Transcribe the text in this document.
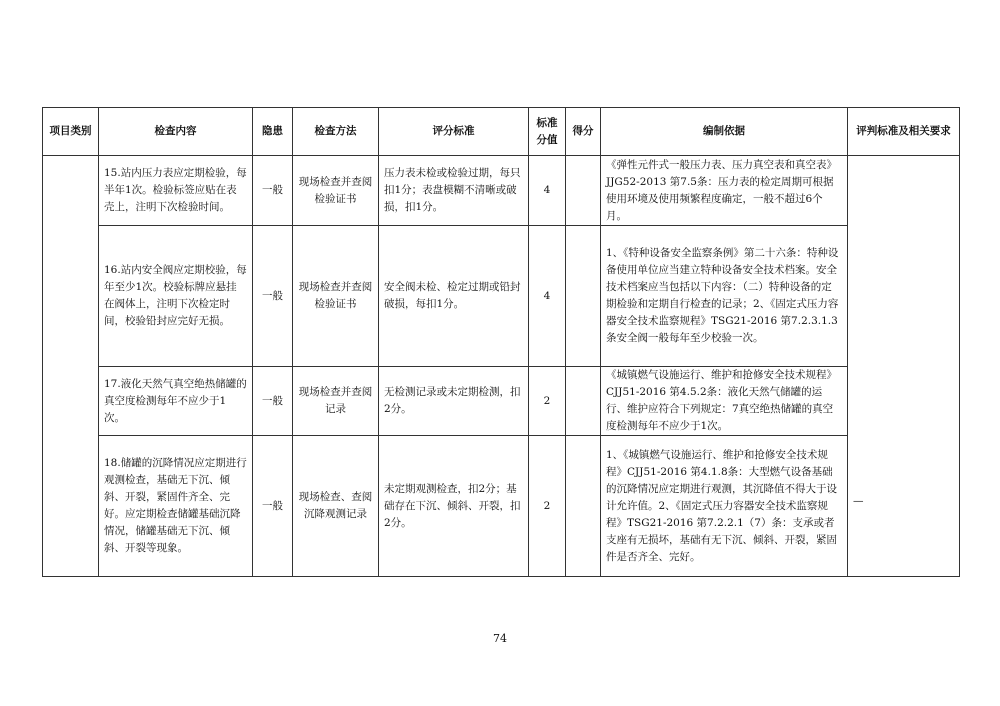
项目类别	检查内容	隐患	检查方法	评分标准	标准分值	得分	编制依据	评判标准及相关要求
	15.站内压力表应定期检验，每半年1次。检验标签应贴在表壳上，注明下次检验时间。	一般	现场检查并查阅检验证书	压力表未检或检验过期，每只扣1分；表盘模糊不清晰或破损，扣1分。	4		《弹性元件式一般压力表、压力真空表和真空表》JJG52-2013 第7.5条：压力表的检定周期可根据使用环境及使用频繁程度确定，一般不超过6个月。	—
	16.站内安全阀应定期校验，每年至少1次。校验标牌应悬挂在阀体上，注明下次检定时间，校验铅封应完好无损。	一般	现场检查并查阅检验证书	安全阀未检、检定过期或铅封破损，每扣1分。	4		1、《特种设备安全监察条例》第二十六条：特种设备使用单位应当建立特种设备安全技术档案。安全技术档案应当包括以下内容：（二）特种设备的定期检验和定期自行检查的记录；2、《固定式压力容器安全技术监察规程》TSG21-2016 第7.2.3.1.3条安全阀一般每年至少校验一次。	
	17.液化天然气真空绝热储罐的真空度检测每年不应少于1次。	一般	现场检查并查阅记录	无检测记录或未定期检测，扣2分。	2		《城镇燃气设施运行、维护和抢修安全技术规程》CJJ51-2016 第4.5.2条：液化天然气储罐的运行、维护应符合下列规定：7真空绝热储罐的真空度检测每年不应少于1次。	
	18.储罐的沉降情况应定期进行观测检查，基础无下沉、倾斜、开裂，紧固件齐全、完好。应定期检查储罐基础沉降情况，储罐基础无下沉、倾斜、开裂等现象。	一般	现场检查、查阅沉降观测记录	未定期观测检查，扣2分；基础存在下沉、倾斜、开裂，扣2分。	2		1、《城镇燃气设施运行、维护和抢修安全技术规程》CJJ51-2016 第4.1.8条：大型燃气设备基础的沉降情况应定期进行观测，其沉降值不得大于设计允许值。2、《固定式压力容器安全技术监察规程》TSG21-2016 第7.2.2.1（7）条：支承或者支座有无损坏，基础有无下沉、倾斜、开裂，紧固件是否齐全、完好。	
74
